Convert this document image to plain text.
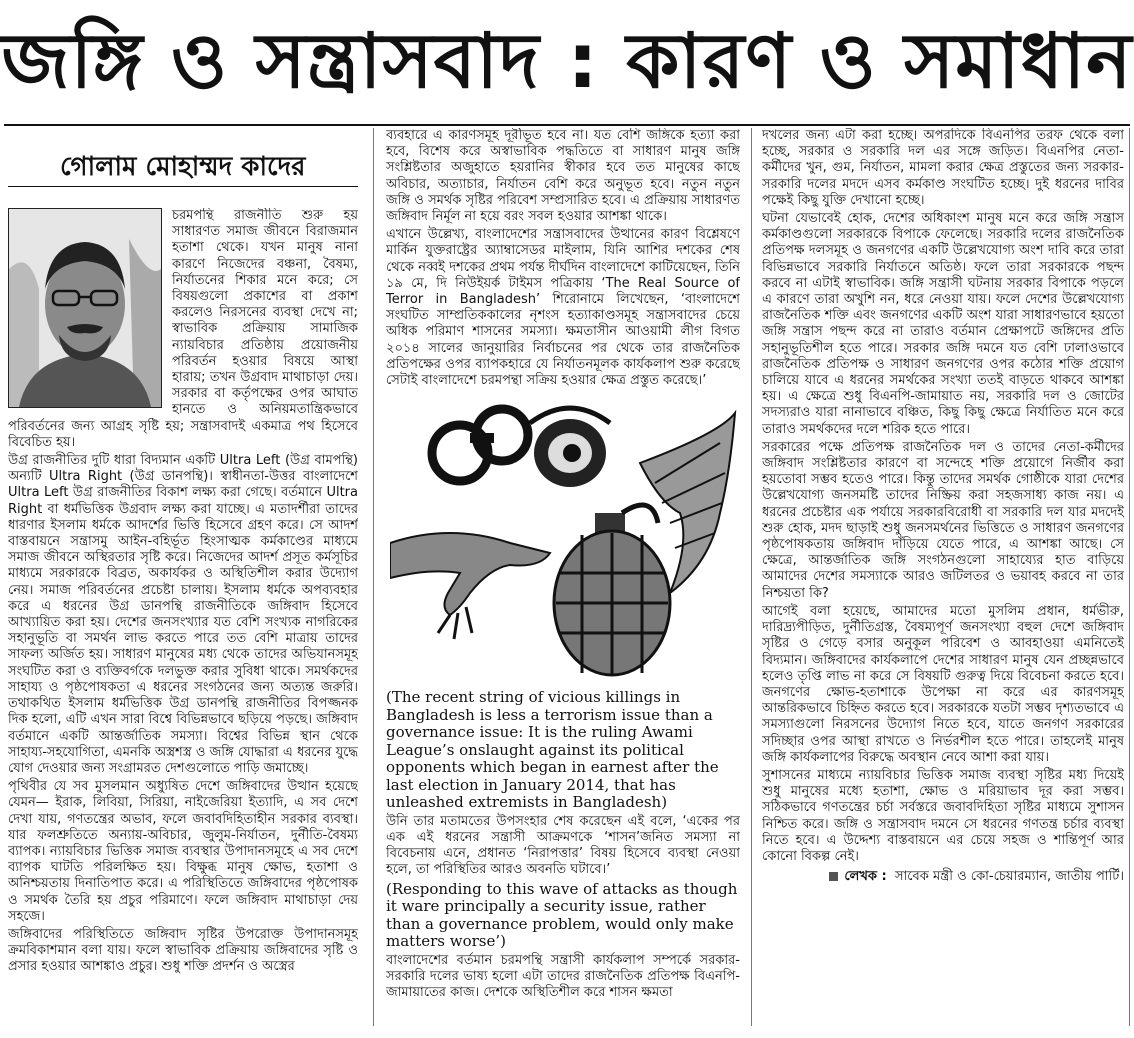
জঙ্গি ও সন্ত্রাসবাদ : কারণ ও সমাধান
গোলাম মোহাম্মদ কাদের

চরমপন্থি রাজনীতি শুরু হয় সাধারণত সমাজ জীবনে বিরাজমান হতাশা থেকে। যখন মানুষ নানা কারণে নিজেদের বঞ্চনা, বৈষম্য, নির্যাতনের শিকার মনে করে; সে বিষয়গুলো প্রকাশের বা প্রকাশ করলেও নিরসনের ব্যবস্থা দেখে না; স্বাভাবিক প্রক্রিয়ায় সামাজিক ন্যায়বিচার প্রতিষ্ঠায় প্রয়োজনীয় পরিবর্তন হওয়ার বিষয়ে আস্থা হারায়; তখন উগ্রবাদ মাথাচাড়া দেয়। সরকার বা কর্তৃপক্ষের ওপর আঘাত হানতে ও অনিয়মতান্ত্রিকভাবে পরিবর্তনের জন্য আগ্রহ সৃষ্টি হয়; সন্ত্রাসবাদই একমাত্র পথ হিসেবে বিবেচিত হয়।

উগ্র রাজনীতির দুটি ধারা বিদ্যমান একটি Ultra Left (উগ্র বামপন্থি) অন্যটি Ultra Right (উগ্র ডানপন্থি)। স্বাধীনতা-উত্তর বাংলাদেশে Ultra Left উগ্র রাজনীতির বিকাশ লক্ষ্য করা গেছে। বর্তমানে Ultra Right বা ধর্মভিত্তিক উগ্রবাদ লক্ষ্য করা যাচ্ছে। এ মতাদর্শীরা তাদের ধারণার ইসলাম ধর্মকে আদর্শের ভিত্তি হিসেবে গ্রহণ করে। সে আদর্শ বাস্তবায়নে সন্ত্রাসমু আইন-বহির্ভূত হিংসাত্মক কর্মকাণ্ডের মাধ্যমে সমাজ জীবনে অস্থিরতার সৃষ্টি করে। নিজেদের আদর্শ প্রসূত কর্মসূচির মাধ্যমে সরকারকে বিব্রত, অকার্যকর ও অস্থিতিশীল করার উদ্যোগ নেয়। সমাজ পরিবর্তনের প্রচেষ্টা চালায়। ইসলাম ধর্মকে অপব্যবহার করে এ ধরনের উগ্র ডানপন্থি রাজনীতিকে জঙ্গিবাদ হিসেবে আখ্যায়িত করা হয়। দেশের জনসংখ্যার যত বেশি সংখ্যক নাগরিকের সহানুভূতি বা সমর্থন লাভ করতে পারে তত বেশি মাত্রায় তাদের সাফল্য অর্জিত হয়। সাধারণ মানুষের মধ্য থেকে তাদের অভিযানসমূহ সংঘটিত করা ও ব্যক্তিবর্গকে দলভুক্ত করার সুবিধা থাকে। সমর্থকদের সাহায্য ও পৃষ্ঠপোষকতা এ ধরনের সংগঠনের জন্য অত্যন্ত জরুরি। তথাকথিত ইসলাম ধর্মভিত্তিক উগ্র ডানপন্থি রাজনীতির বিপজ্জনক দিক হলো, এটি এখন সারা বিশ্বে বিভিন্নভাবে ছড়িয়ে পড়ছে। জঙ্গিবাদ বর্তমানে একটি আন্তর্জাতিক সমস্যা। বিশ্বের বিভিন্ন স্থান থেকে সাহায্য-সহযোগিতা, এমনকি অস্ত্রশস্ত্র ও জঙ্গি যোদ্ধারা এ ধরনের যুদ্ধে যোগ দেওয়ার জন্য সংগ্রামরত দেশগুলোতে পাড়ি জমাচ্ছে।

পৃথিবীর যে সব মুসলমান অধ্যুষিত দেশে জঙ্গিবাদের উত্থান হয়েছে যেমন— ইরাক, লিবিয়া, সিরিয়া, নাইজেরিয়া ইত্যাদি, এ সব দেশে দেখা যায়, গণতন্ত্রের অভাব, ফলে জবাবদিহিতাহীন সরকার ব্যবস্থা। যার ফলশ্রুতিতে অন্যায়-অবিচার, জুলুম-নির্যাতন, দুর্নীতি-বৈষম্য ব্যাপক। ন্যায়বিচার ভিত্তিক সমাজ ব্যবস্থার উপাদানসমূহে এ সব দেশে ব্যাপক ঘাটতি পরিলক্ষিত হয়। বিক্ষুব্ধ মানুষ ক্ষোভ, হতাশা ও অনিশ্চয়তায় দিনাতিপাত করে। এ পরিস্থিতিতে জঙ্গিবাদের পৃষ্ঠপোষক ও সমর্থক তৈরি হয় প্রচুর পরিমাণে। ফলে জঙ্গিবাদ মাথাচাড়া দেয় সহজে।

জঙ্গিবাদের পরিস্থিতিতে জঙ্গিবাদ সৃষ্টির উপরোক্ত উপাদানসমূহ ক্রমবিকাশমান বলা যায়। ফলে স্বাভাবিক প্রক্রিয়ায় জঙ্গিবাদের সৃষ্টি ও প্রসার হওয়ার আশঙ্কাও প্রচুর। শুধু শক্তি প্রদর্শন ও অস্ত্রের

ব্যবহারে এ কারণসমূহ দূরীভূত হবে না। যত বেশি জঙ্গিকে হত্যা করা হবে, বিশেষ করে অস্বাভাবিক পদ্ধতিতে বা সাধারণ মানুষ জঙ্গি সংশ্লিষ্টতার অজুহাতে হয়রানির স্বীকার হবে তত মানুষের কাছে অবিচার, অত্যাচার, নির্যাতন বেশি করে অনুভূত হবে। নতুন নতুন জঙ্গি ও সমর্থক সৃষ্টির পরিবেশ সম্প্রসারিত হবে। এ প্রক্রিয়ায় সাধারণত জঙ্গিবাদ নির্মূল না হয়ে বরং সবল হওয়ার আশঙ্কা থাকে।

এখানে উল্লেখ্য, বাংলাদেশের সন্ত্রাসবাদের উত্থানের কারণ বিশ্লেষণে মার্কিন যুক্তরাষ্ট্রের অ্যাম্বাসেডর মাইলাম, যিনি আশির দশকের শেষ থেকে নব্বই দশকের প্রথম পর্যন্ত দীর্ঘদিন বাংলাদেশে কাটিয়েছেন, তিনি ১৯ মে, দি নিউইয়র্ক টাইমস পত্রিকায় ‘The Real Source of Terror in Bangladesh’ শিরোনামে লিখেছেন, ‘বাংলাদেশে সংঘটিত সাম্প্রতিককালের নৃশংস হত্যাকাণ্ডসমূহ সন্ত্রাসবাদের চেয়ে অধিক পরিমাণ শাসনের সমস্যা। ক্ষমতাসীন আওয়ামী লীগ বিগত ২০১৪ সালের জানুয়ারির নির্বাচনের পর থেকে তার রাজনৈতিক প্রতিপক্ষের ওপর ব্যাপকহারে যে নির্যাতনমূলক কার্যকলাপ শুরু করেছে সেটাই বাংলাদেশে চরমপন্থা সক্রিয় হওয়ার ক্ষেত্র প্রস্তুত করেছে।’

(The recent string of vicious killings in Bangladesh is less a terrorism issue than a governance issue: It is the ruling Awami League’s onslaught against its political opponents which began in earnest after the last election in January 2014, that has unleashed extremists in Bangladesh)

উনি তার মতামতের উপসংহার শেষ করেছেন এই বলে, ‘একের পর এক এই ধরনের সন্ত্রাসী আক্রমণকে ‘শাসন’জনিত সমস্যা না বিবেচনায় এনে, প্রধানত ‘নিরাপত্তার’ বিষয় হিসেবে ব্যবস্থা নেওয়া হলে, তা পরিস্থিতির আরও অবনতি ঘটাবে।’

(Responding to this wave of attacks as though it ware principally a security issue, rather than a governance problem, would only make matters worse’)

বাংলাদেশের বর্তমান চরমপন্থি সন্ত্রাসী কার্যকলাপ সম্পর্কে সরকার-সরকারি দলের ভাষ্য হলো এটা তাদের রাজনৈতিক প্রতিপক্ষ বিএনপি-জামায়াতের কাজ। দেশকে অস্থিতিশীল করে শাসন ক্ষমতা

দখলের জন্য এটা করা হচ্ছে। অপরদিকে বিএনপির তরফ থেকে বলা হচ্ছে, সরকার ও সরকারি দল এর সঙ্গে জড়িত। বিএনপির নেতা-কর্মীদের খুন, গুম, নির্যাতন, মামলা করার ক্ষেত্র প্রস্তুতের জন্য সরকার-সরকারি দলের মদদে এসব কর্মকাণ্ড সংঘটিত হচ্ছে। দুই ধরনের দাবির পক্ষেই কিছু যুক্তি দেখানো হচ্ছে।

ঘটনা যেভাবেই হোক, দেশের অধিকাংশ মানুষ মনে করে জঙ্গি সন্ত্রাস কর্মকাণ্ডগুলো সরকারকে বিপাকে ফেলেছে। সরকারি দলের রাজনৈতিক প্রতিপক্ষ দলসমূহ ও জনগণের একটি উল্লেখযোগ্য অংশ দাবি করে তারা বিভিন্নভাবে সরকারি নির্যাতনে অতিষ্ঠ। ফলে তারা সরকারকে পছন্দ করবে না এটাই স্বাভাবিক। জঙ্গি সন্ত্রাসী ঘটনায় সরকার বিপাকে পড়লে এ কারণে তারা অখুশি নন, ধরে নেওয়া যায়। ফলে দেশের উল্লেখযোগ্য রাজনৈতিক শক্তি এবং জনগণের একটি অংশ যারা সাধারণভাবে হয়তো জঙ্গি সন্ত্রাস পছন্দ করে না তারাও বর্তমান প্রেক্ষাপটে জঙ্গিদের প্রতি সহানুভূতিশীল হতে পারে। সরকার জঙ্গি দমনে যত বেশি ঢালাওভাবে রাজনৈতিক প্রতিপক্ষ ও সাধারণ জনগণের ওপর কঠোর শক্তি প্রয়োগ চালিয়ে যাবে এ ধরনের সমর্থকের সংখ্যা ততই বাড়তে থাকবে আশঙ্কা হয়। এ ক্ষেত্রে শুধু বিএনপি-জামায়াত নয়, সরকারি দল ও জোটের সদস্যরাও যারা নানাভাবে বঞ্চিত, কিছু কিছু ক্ষেত্রে নির্যাতিত মনে করে তারাও সমর্থকদের দলে শরিক হতে পারে।

সরকারের পক্ষে প্রতিপক্ষ রাজনৈতিক দল ও তাদের নেতা-কর্মীদের জঙ্গিবাদ সংশ্লিষ্টতার কারণে বা সন্দেহে শক্তি প্রয়োগে নির্জীব করা হয়তোবা সম্ভব হতেও পারে। কিন্তু তাদের সমর্থক গোষ্ঠীকে যারা দেশের উল্লেখযোগ্য জনসমষ্টি তাদের নিষ্ক্রিয় করা সহজসাধ্য কাজ নয়। এ ধরনের প্রচেষ্টার এক পর্যায়ে সরকারবিরোধী বা সরকারি দল যার মদদেই শুরু হোক, মদদ ছাড়াই শুধু জনসমর্থনের ভিত্তিতে ও সাধারণ জনগণের পৃষ্ঠপোষকতায় জঙ্গিবাদ দাঁড়িয়ে যেতে পারে, এ আশঙ্কা আছে। সে ক্ষেত্রে, আন্তর্জাতিক জঙ্গি সংগঠনগুলো সাহায্যের হাত বাড়িয়ে আমাদের দেশের সমস্যাকে আরও জটিলতর ও ভয়াবহ করবে না তার নিশ্চয়তা কি?

আগেই বলা হয়েছে, আমাদের মতো মুসলিম প্রধান, ধর্মভীরু, দারিদ্র্যপীড়িত, দুর্নীতিগ্রস্ত, বৈষম্যপূর্ণ জনসংখ্যা বহুল দেশে জঙ্গিবাদ সৃষ্টির ও গেড়ে বসার অনুকূল পরিবেশ ও আবহাওয়া এমনিতেই বিদ্যমান। জঙ্গিবাদের কার্যকলাপে দেশের সাধারণ মানুষ যেন প্রচ্ছন্নভাবে হলেও তৃপ্তি লাভ না করে সে বিষয়টি গুরুত্ব দিয়ে বিবেচনা করতে হবে। জনগণের ক্ষোভ-হতাশাকে উপেক্ষা না করে এর কারণসমূহ আন্তরিকভাবে চিহ্নিত করতে হবে। সরকারকে যতটা সম্ভব দৃশ্যতভাবে এ সমস্যাগুলো নিরসনের উদ্যোগ নিতে হবে, যাতে জনগণ সরকারের সদিচ্ছার ওপর আস্থা রাখতে ও নির্ভরশীল হতে পারে। তাহলেই মানুষ জঙ্গি কার্যকলাপের বিরুদ্ধে অবস্থান নেবে আশা করা যায়।

সুশাসনের মাধ্যমে ন্যায়বিচার ভিত্তিক সমাজ ব্যবস্থা সৃষ্টির মধ্য দিয়েই শুধু মানুষের মধ্যে হতাশা, ক্ষোভ ও মরিয়াভাব দূর করা সম্ভব। সঠিকভাবে গণতন্ত্রের চর্চা সর্বস্তরে জবাবদিহিতা সৃষ্টির মাধ্যমে সুশাসন নিশ্চিত করে। জঙ্গি ও সন্ত্রাসবাদ দমনে সে ধরনের গণতন্ত্র চর্চার ব্যবস্থা নিতে হবে। এ উদ্দেশ্য বাস্তবায়নে এর চেয়ে সহজ ও শান্তিপূর্ণ আর কোনো বিকল্প নেই।

লেখক : সাবেক মন্ত্রী ও কো-চেয়ারম্যান, জাতীয় পার্টি।
